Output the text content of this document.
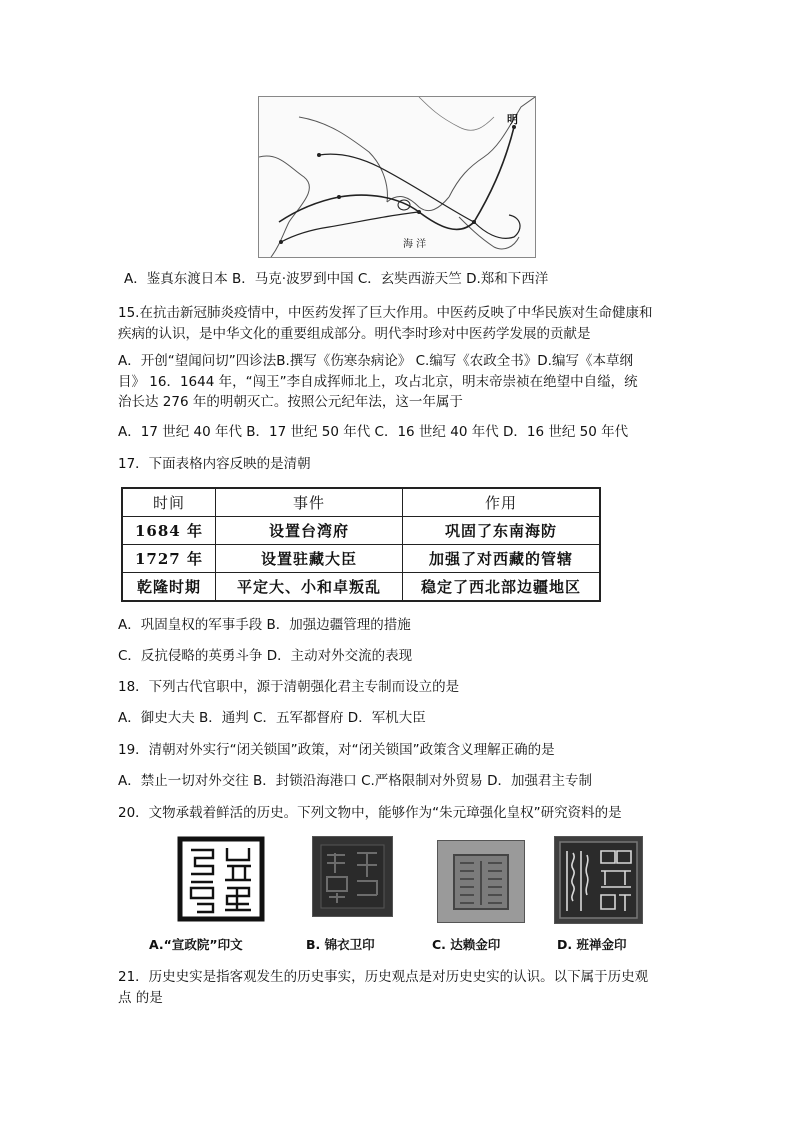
海 洋
明
A．鉴真东渡日本 B．马克·波罗到中国 C．玄奘西游天竺 D.郑和下西洋
15.在抗击新冠肺炎疫情中，中医药发挥了巨大作用。中医药反映了中华民族对生命健康和
疾病的认识，是中华文化的重要组成部分。明代李时珍对中医药学发展的贡献是
A．开创“望闻问切”四诊法B.撰写《伤寒杂病论》 C.编写《农政全书》D.编写《本草纲
目》 16．1644 年，“闯王”李自成挥师北上，攻占北京，明末帝崇祯在绝望中自缢，统
治长达 276 年的明朝灭亡。按照公元纪年法，这一年属于
A．17 世纪 40 年代 B．17 世纪 50 年代 C．16 世纪 40 年代 D．16 世纪 50 年代
17．下面表格内容反映的是清朝
时间	事件	作用
1684 年	设置台湾府	巩固了东南海防
1727 年	设置驻藏大臣	加强了对西藏的管辖
乾隆时期	平定大、小和卓叛乱	稳定了西北部边疆地区
A．巩固皇权的军事手段 B．加强边疆管理的措施
C．反抗侵略的英勇斗争 D．主动对外交流的表现
18．下列古代官职中，源于清朝强化君主专制而设立的是
A．御史大夫 B．通判 C．五军都督府 D．军机大臣
19．清朝对外实行“闭关锁国”政策，对“闭关锁国”政策含义理解正确的是
A．禁止一切对外交往 B．封锁沿海港口 C.严格限制对外贸易 D．加强君主专制
20．文物承载着鲜活的历史。下列文物中，能够作为“朱元璋强化皇权”研究资料的是
A.“宣政院”印文	B. 锦衣卫印	C. 达赖金印	D. 班禅金印
21．历史史实是指客观发生的历史事实，历史观点是对历史史实的认识。以下属于历史观
点 的是
